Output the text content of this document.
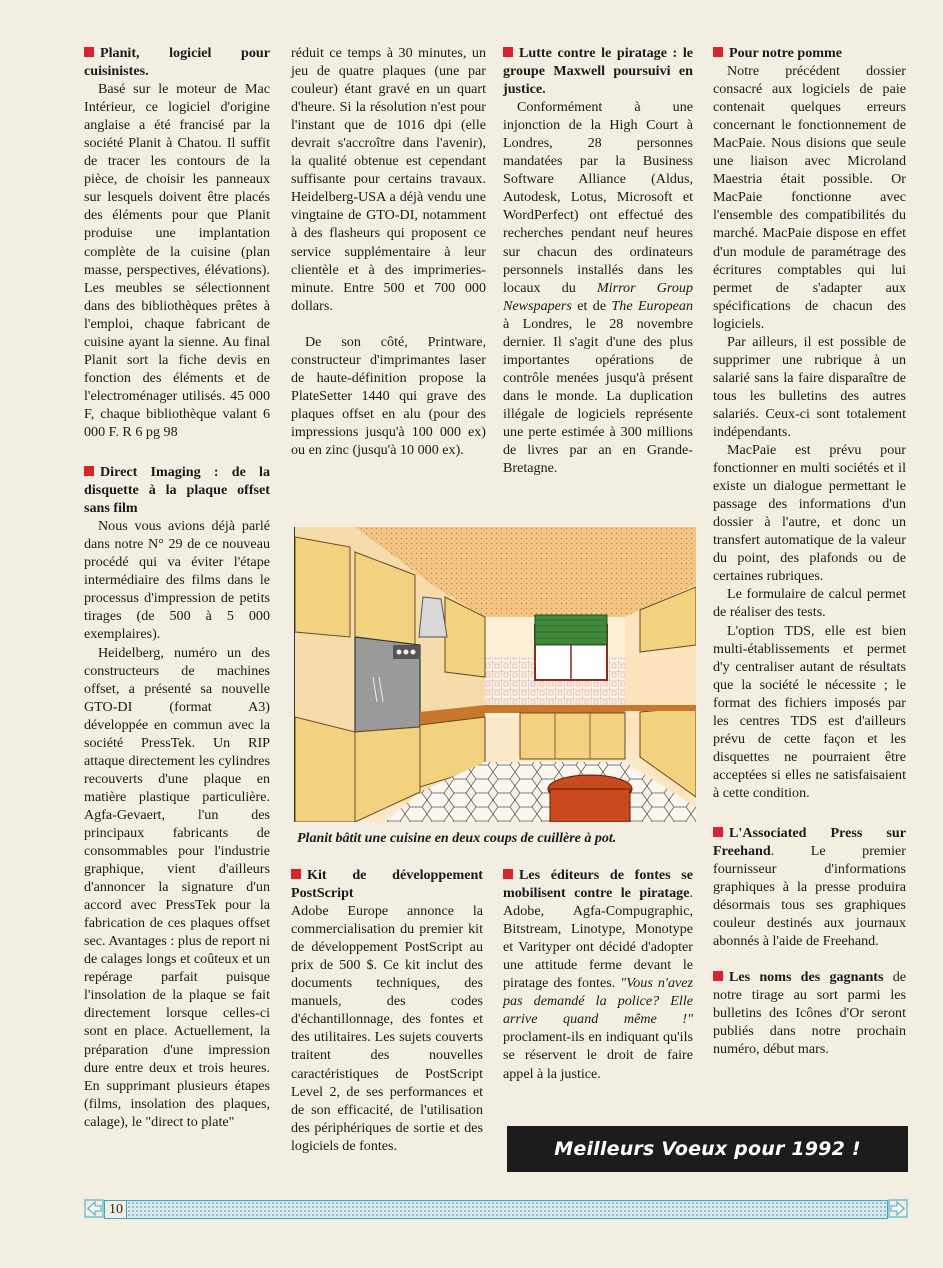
Planit, logiciel pour cuisinistes.

Basé sur le moteur de Mac Intérieur, ce logiciel d'origine anglaise a été francisé par la société Planit à Chatou. Il suffit de tracer les contours de la pièce, de choisir les panneaux sur lesquels doivent être placés des éléments pour que Planit produise une implantation complète de la cuisine (plan masse, perspectives, élévations). Les meubles se sélectionnent dans des bibliothèques prêtes à l'emploi, chaque fabricant de cuisine ayant la sienne. Au final Planit sort la fiche devis en fonction des éléments et de l'electroménager utilisés. 45 000 F, chaque bibliothèque valant 6 000 F. R 6 pg 98

Direct Imaging : de la disquette à la plaque offset sans film

Nous vous avions déjà parlé dans notre N° 29 de ce nouveau procédé qui va éviter l'étape intermédiaire des films dans le processus d'impression de petits tirages (de 500 à 5 000 exemplaires).

Heidelberg, numéro un des constructeurs de machines offset, a présenté sa nouvelle GTO-DI (format A3) développée en commun avec la société PressTek. Un RIP attaque directement les cylindres recouverts d'une plaque en matière plastique particulière. Agfa-Gevaert, l'un des principaux fabricants de consommables pour l'industrie graphique, vient d'ailleurs d'annoncer la signature d'un accord avec PressTek pour la fabrication de ces plaques offset sec. Avantages : plus de report ni de calages longs et coûteux et un repérage parfait puisque l'insolation de la plaque se fait directement lorsque celles-ci sont en place. Actuellement, la préparation d'une impression dure entre deux et trois heures. En supprimant plusieurs étapes (films, insolation des plaques, calage), le "direct to plate"

réduit ce temps à 30 minutes, un jeu de quatre plaques (une par couleur) étant gravé en un quart d'heure. Si la résolution n'est pour l'instant que de 1016 dpi (elle devrait s'accroître dans l'avenir), la qualité obtenue est cependant suffisante pour certains travaux. Heidelberg-USA a déjà vendu une vingtaine de GTO-DI, notamment à des flasheurs qui proposent ce service supplémentaire à leur clientèle et à des imprimeries-minute. Entre 500 et 700 000 dollars.

De son côté, Printware, constructeur d'imprimantes laser de haute-définition propose la PlateSetter 1440 qui grave des plaques offset en alu (pour des impressions jusqu'à 100 000 ex) ou en zinc (jusqu'à 10 000 ex).

Kit de développement PostScript

Adobe Europe annonce la commercialisation du premier kit de développement PostScript au prix de 500 $. Ce kit inclut des documents techniques, des manuels, des codes d'échantillonnage, des fontes et des utilitaires. Les sujets couverts traitent des nouvelles caractéristiques de PostScript Level 2, de ses performances et de son efficacité, de l'utilisation des périphériques de sortie et des logiciels de fontes.

Lutte contre le piratage : le groupe Maxwell poursuivi en justice.

Conformément à une injonction de la High Court à Londres, 28 personnes mandatées par la Business Software Alliance (Aldus, Autodesk, Lotus, Microsoft et WordPerfect) ont effectué des recherches pendant neuf heures sur chacun des ordinateurs personnels installés dans les locaux du Mirror Group Newspapers et de The European à Londres, le 28 novembre dernier. Il s'agit d'une des plus importantes opérations de contrôle menées jusqu'à présent dans le monde. La duplication illégale de logiciels représente une perte estimée à 300 millions de livres par an en Grande-Bretagne.

Les éditeurs de fontes se mobilisent contre le piratage. Adobe, Agfa-Compugraphic, Bitstream, Linotype, Monotype et Varityper ont décidé d'adopter une attitude ferme devant le piratage des fontes. "Vous n'avez pas demandé la police? Elle arrive quand même !" proclament-ils en indiquant qu'ils se réservent le droit de faire appel à la justice.

Pour notre pomme

Notre précédent dossier consacré aux logiciels de paie contenait quelques erreurs concernant le fonctionnement de MacPaie. Nous disions que seule une liaison avec Microland Maestria était possible. Or MacPaie fonctionne avec l'ensemble des compatibilités du marché. MacPaie dispose en effet d'un module de paramétrage des écritures comptables qui lui permet de s'adapter aux spécifications de chacun des logiciels.

Par ailleurs, il est possible de supprimer une rubrique à un salarié sans la faire disparaître de tous les bulletins des autres salariés. Ceux-ci sont totalement indépendants.

MacPaie est prévu pour fonctionner en multi sociétés et il existe un dialogue permettant le passage des informations d'un dossier à l'autre, et donc un transfert automatique de la valeur du point, des plafonds ou de certaines rubriques.

Le formulaire de calcul permet de réaliser des tests.

L'option TDS, elle est bien multi-établissements et permet d'y centraliser autant de résultats que la société le nécessite ; le format des fichiers imposés par les centres TDS est d'ailleurs prévu de cette façon et les disquettes ne pourraient être acceptées si elles ne satisfaisaient à cette condition.

L'Associated Press sur Freehand. Le premier fournisseur d'informations graphiques à la presse produira désormais tous ses graphiques couleur destinés aux journaux abonnés à l'aide de Freehand.

Les noms des gagnants de notre tirage au sort parmi les bulletins des Icônes d'Or seront publiés dans notre prochain numéro, début mars.

Planit bâtit une cuisine en deux coups de cuillère à pot.
Meilleurs Voeux pour 1992 !
10
